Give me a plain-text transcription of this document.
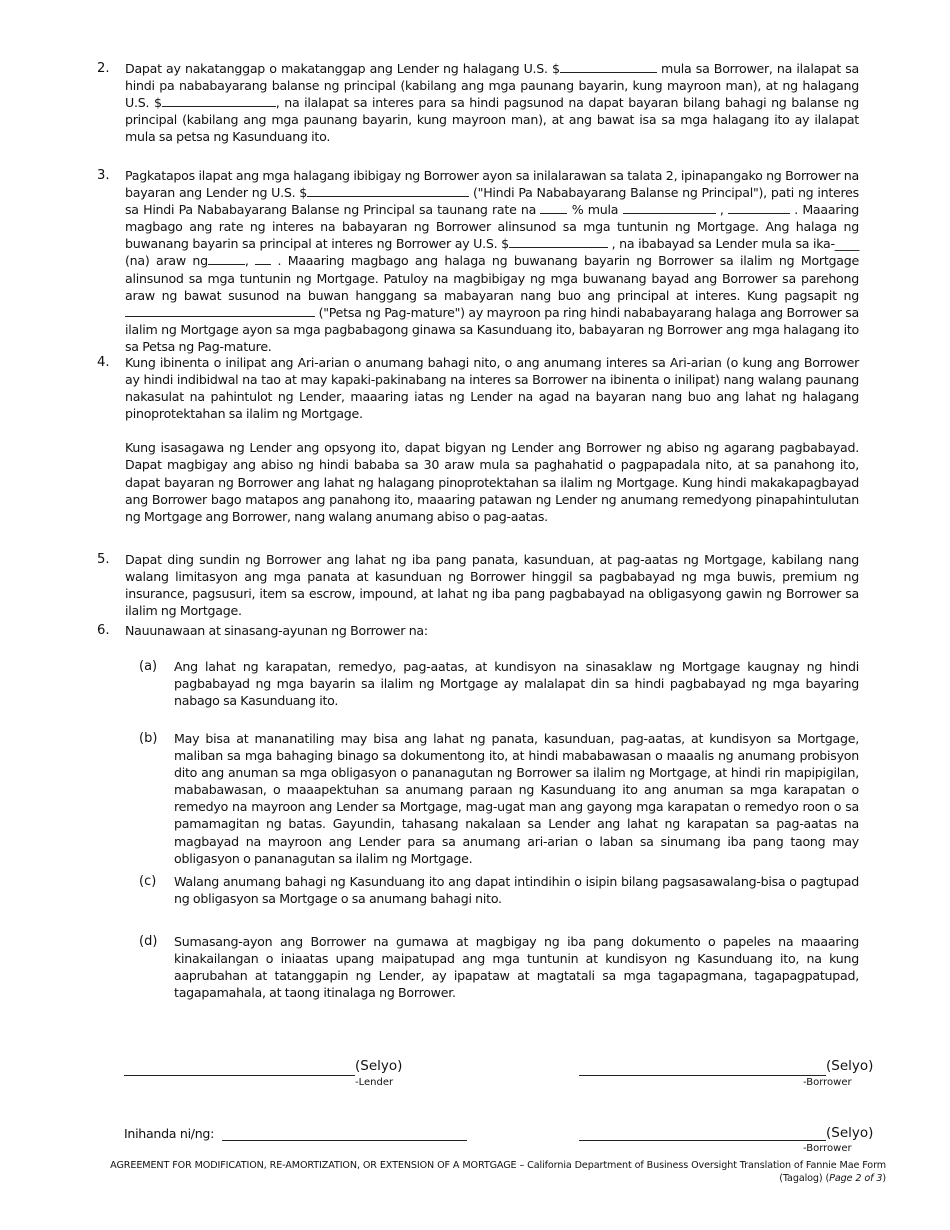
2. Dapat ay nakatanggap o makatanggap ang Lender ng halagang U.S. $	mula sa Borrower, na ilalapat sa hindi pa nababayarang balanse ng principal (kabilang ang mga paunang bayarin, kung mayroon man), at ng halagang U.S. $	, na ilalapat sa interes para sa hindi pagsunod na dapat bayaran bilang bahagi ng balanse ng principal (kabilang ang mga paunang bayarin, kung mayroon man), at ang bawat isa sa mga halagang ito ay ilalapat mula sa petsa ng Kasunduang ito.
3. Pagkatapos ilapat ang mga halagang ibibigay ng Borrower ayon sa inilalarawan sa talata 2, ipinapangako ng Borrower na bayaran ang Lender ng U.S. $	("Hindi Pa Nababayarang Balanse ng Principal"), pati ng interes sa Hindi Pa Nababayarang Balanse ng Principal sa taunang rate na  % mula	,	. Maaaring magbago ang rate ng interes na babayaran ng Borrower alinsunod sa mga tuntunin ng Mortgage. Ang halaga ng buwanang bayarin sa principal at interes ng Borrower ay U.S. $	, na ibabayad sa Lender mula sa ika-____ (na) araw ng	,  . Maaaring magbago ang halaga ng buwanang bayarin ng Borrower sa ilalim ng Mortgage alinsunod sa mga tuntunin ng Mortgage. Patuloy na magbibigay ng mga buwanang bayad ang Borrower sa parehong araw ng bawat susunod na buwan hanggang sa mabayaran nang buo ang principal at interes. Kung pagsapit ng  ("Petsa ng Pag-mature") ay mayroon pa ring hindi nababayarang halaga ang Borrower sa ilalim ng Mortgage ayon sa mga pagbabagong ginawa sa Kasunduang ito, babayaran ng Borrower ang mga halagang ito sa Petsa ng Pag-mature.
4. Kung ibinenta o inilipat ang Ari-arian o anumang bahagi nito, o ang anumang interes sa Ari-arian (o kung ang Borrower ay hindi indibidwal na tao at may kapaki-pakinabang na interes sa Borrower na ibinenta o inilipat) nang walang paunang nakasulat na pahintulot ng Lender, maaaring iatas ng Lender na agad na bayaran nang buo ang lahat ng halagang pinoprotektahan sa ilalim ng Mortgage.
Kung isasagawa ng Lender ang opsyong ito, dapat bigyan ng Lender ang Borrower ng abiso ng agarang pagbabayad. Dapat magbigay ang abiso ng hindi bababa sa 30 araw mula sa paghahatid o pagpapadala nito, at sa panahong ito, dapat bayaran ng Borrower ang lahat ng halagang pinoprotektahan sa ilalim ng Mortgage. Kung hindi makakapagbayad ang Borrower bago matapos ang panahong ito, maaaring patawan ng Lender ng anumang remedyong pinapahintulutan ng Mortgage ang Borrower, nang walang anumang abiso o pag-aatas.
5. Dapat ding sundin ng Borrower ang lahat ng iba pang panata, kasunduan, at pag-aatas ng Mortgage, kabilang nang walang limitasyon ang mga panata at kasunduan ng Borrower hinggil sa pagbabayad ng mga buwis, premium ng insurance, pagsusuri, item sa escrow, impound, at lahat ng iba pang pagbabayad na obligasyong gawin ng Borrower sa ilalim ng Mortgage.
6. Nauunawaan at sinasang-ayunan ng Borrower na:
(a) Ang lahat ng karapatan, remedyo, pag-aatas, at kundisyon na sinasaklaw ng Mortgage kaugnay ng hindi pagbabayad ng mga bayarin sa ilalim ng Mortgage ay malalapat din sa hindi pagbabayad ng mga bayaring nabago sa Kasunduang ito.
(b) May bisa at mananatiling may bisa ang lahat ng panata, kasunduan, pag-aatas, at kundisyon sa Mortgage, maliban sa mga bahaging binago sa dokumentong ito, at hindi mababawasan o maaalis ng anumang probisyon dito ang anuman sa mga obligasyon o pananagutan ng Borrower sa ilalim ng Mortgage, at hindi rin mapipigilan, mababawasan, o maaapektuhan sa anumang paraan ng Kasunduang ito ang anuman sa mga karapatan o remedyo na mayroon ang Lender sa Mortgage, mag-ugat man ang gayong mga karapatan o remedyo roon o sa pamamagitan ng batas. Gayundin, tahasang nakalaan sa Lender ang lahat ng karapatan sa pag-aatas na magbayad na mayroon ang Lender para sa anumang ari-arian o laban sa sinumang iba pang taong may obligasyon o pananagutan sa ilalim ng Mortgage.
(c) Walang anumang bahagi ng Kasunduang ito ang dapat intindihin o isipin bilang pagsasawalang-bisa o pagtupad ng obligasyon sa Mortgage o sa anumang bahagi nito.
(d) Sumasang-ayon ang Borrower na gumawa at magbigay ng iba pang dokumento o papeles na maaaring kinakailangan o iniaatas upang maipatupad ang mga tuntunin at kundisyon ng Kasunduang ito, na kung aaprubahan at tatanggapin ng Lender, ay ipapataw at magtatali sa mga tagapagmana, tagapagpatupad, tagapamahala, at taong itinalaga ng Borrower.
(Selyo)
-Lender
(Selyo)
-Borrower
Inihanda ni/ng:	(Selyo)
-Borrower
AGREEMENT FOR MODIFICATION, RE-AMORTIZATION, OR EXTENSION OF A MORTGAGE – California Department of Business Oversight Translation of Fannie Mae Form
(Tagalog) (Page 2 of 3)
